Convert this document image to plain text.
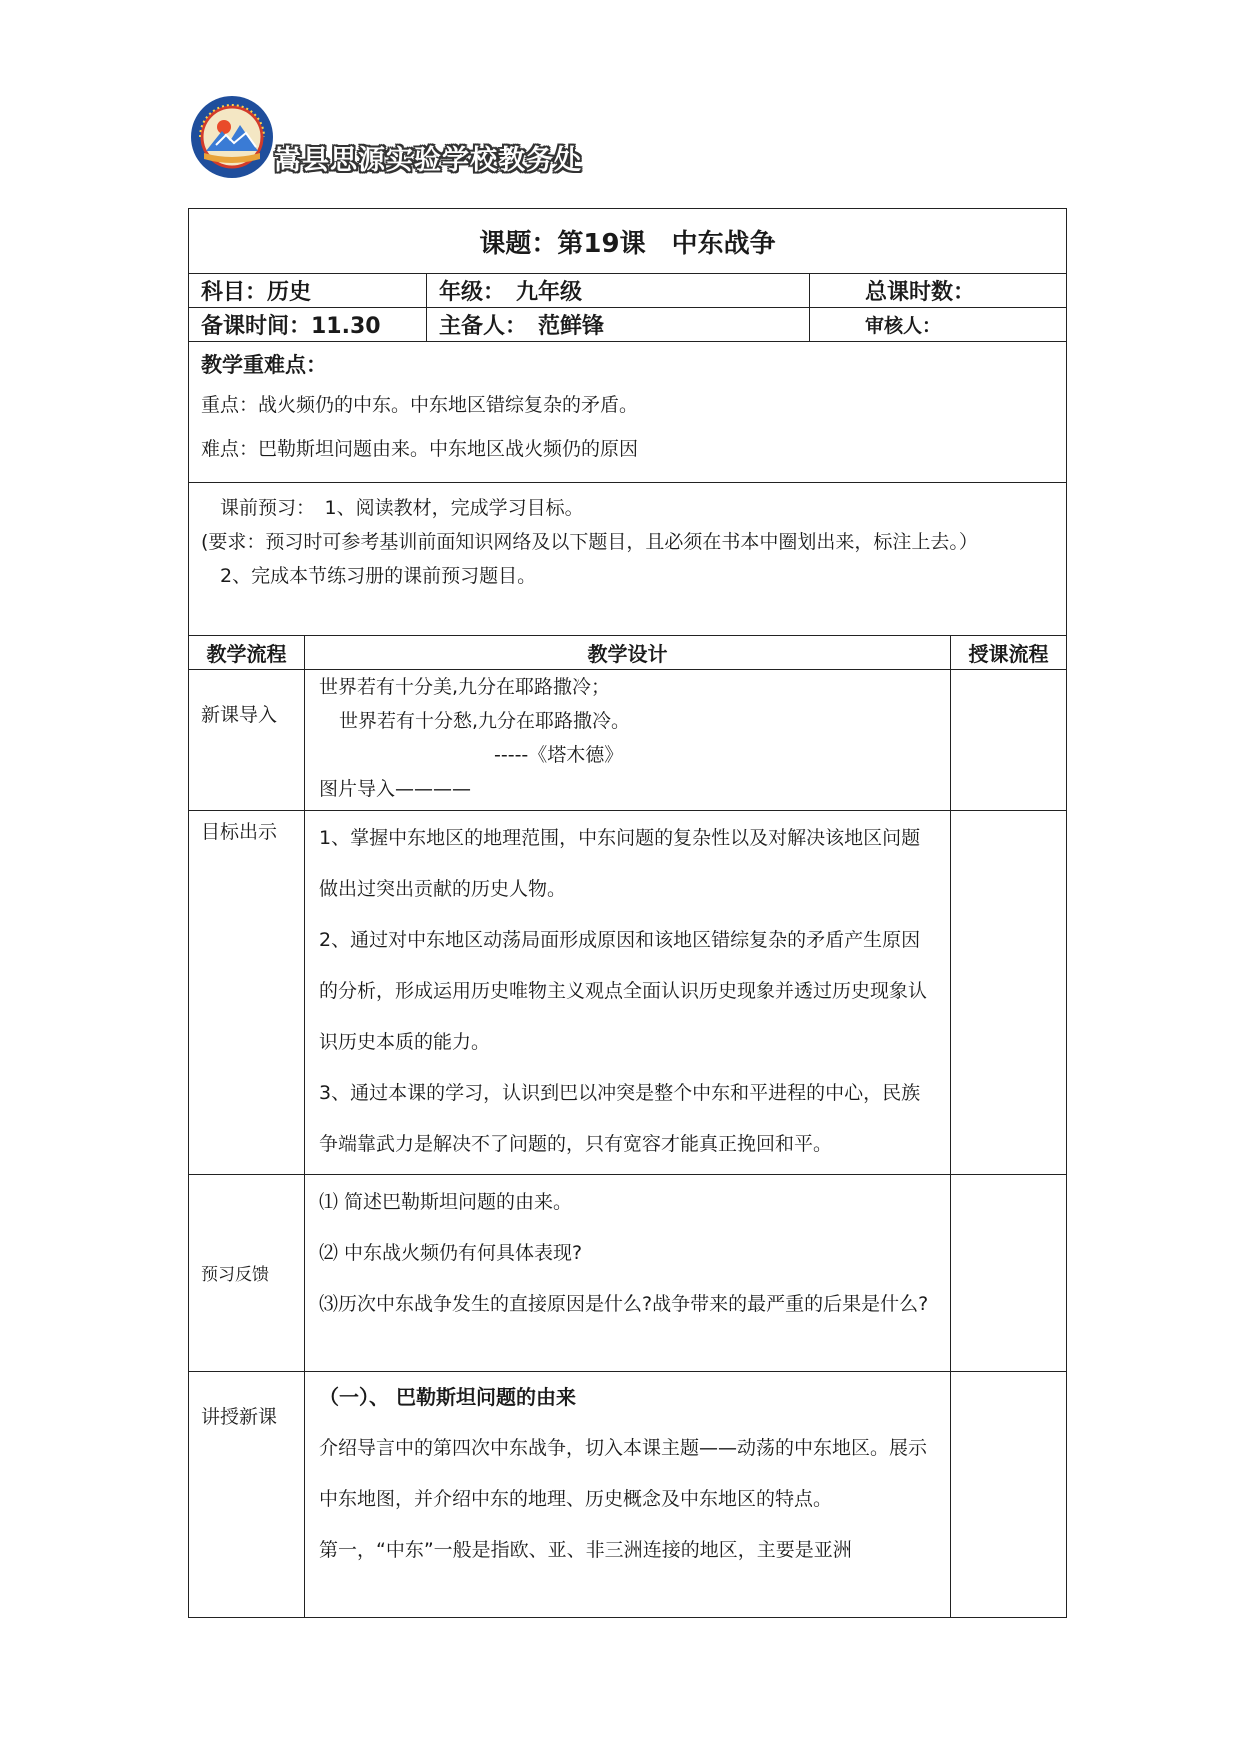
嵩县思源实验学校教务处
课题：第19课　中东战争		
科目：历史	年级：　九年级	总课时数：
备课时间：11.30	主备人：　范鲜锋	审核人：

教学重难点：
重点：战火频仍的中东。中东地区错综复杂的矛盾。
难点：巴勒斯坦问题由来。中东地区战火频仍的原因		

　课前预习：　1、阅读教材，完成学习目标。
(要求：预习时可参考基训前面知识网络及以下题目，且必须在书本中圈划出来，标注上去。）
　2、完成本节练习册的课前预习题目。		
教学流程	教学设计	授课流程
新课导入	世界若有十分美,九分在耶路撒冷；
世界若有十分愁,九分在耶路撒冷。
-----《塔木德》
图片导入————	

目标出示	1、掌握中东地区的地理范围，中东问题的复杂性以及对解决该地区问题做出过突出贡献的历史人物。
2、通过对中东地区动荡局面形成原因和该地区错综复杂的矛盾产生原因的分析，形成运用历史唯物主义观点全面认识历史现象并透过历史现象认识历史本质的能力。
3、通过本课的学习，认识到巴以冲突是整个中东和平进程的中心，民族争端靠武力是解决不了问题的，只有宽容才能真正挽回和平。	

预习反馈	⑴ 简述巴勒斯坦问题的由来。
⑵ 中东战火频仍有何具体表现?
⑶历次中东战争发生的直接原因是什么?战争带来的最严重的后果是什么?	

讲授新课	（一）、 巴勒斯坦问题的由来
介绍导言中的第四次中东战争，切入本课主题——动荡的中东地区。展示中东地图，并介绍中东的地理、历史概念及中东地区的特点。
第一，“中东”一般是指欧、亚、非三洲连接的地区，主要是亚洲	
